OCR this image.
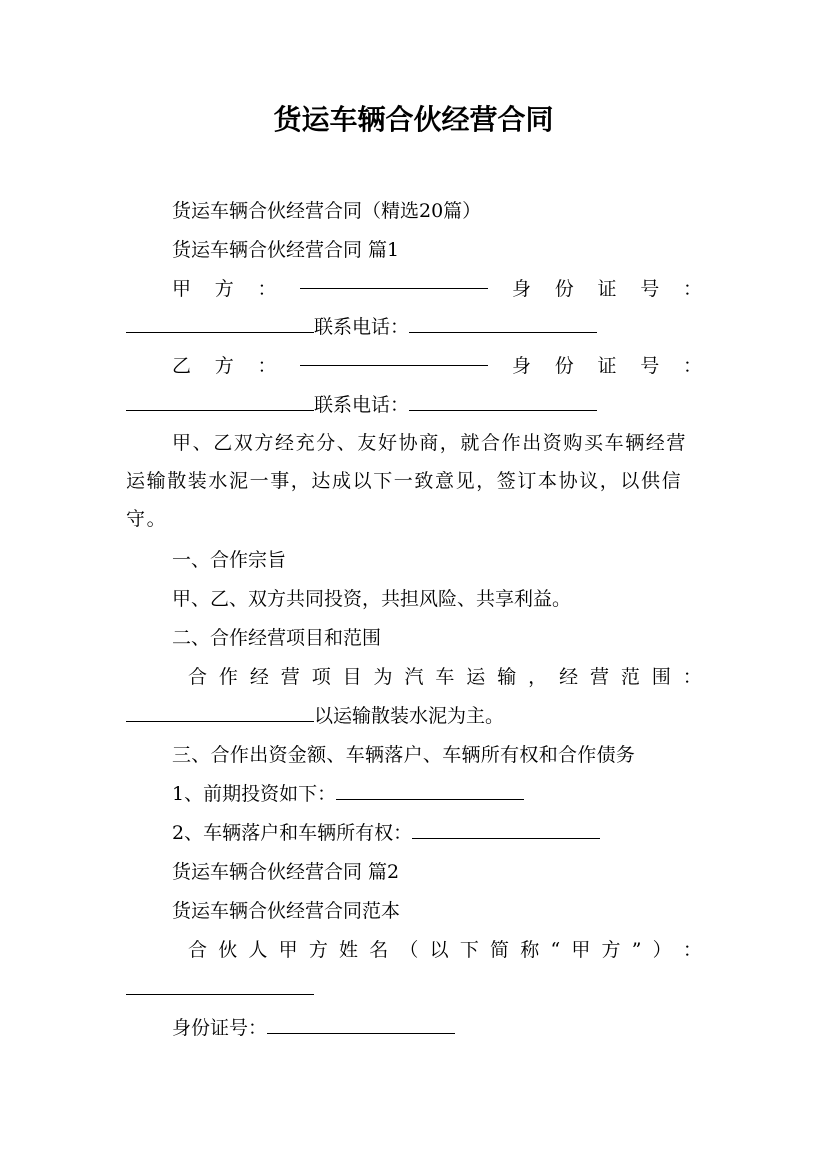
货运车辆合伙经营合同
货运车辆合伙经营合同（精选20篇）
货运车辆合伙经营合同 篇1
甲 方 ：	身 份 证 号 ：
联系电话：
乙 方 ：	身 份 证 号 ：
联系电话：
甲、乙双方经充分、友好协商，就合作出资购买车辆经营运输散装水泥一事，达成以下一致意见，签订本协议，以供信守。
一、合作宗旨
甲、乙、双方共同投资，共担风险、共享利益。
二、合作经营项目和范围
合 作 经 营 项 目 为 汽 车 运 输 ， 经 营 范 围 ：
以运输散装水泥为主。
三、合作出资金额、车辆落户、车辆所有权和合作债务
1、前期投资如下：
2、车辆落户和车辆所有权：
货运车辆合伙经营合同 篇2
货运车辆合伙经营合同范本
合 伙 人 甲 方 姓 名 （ 以 下 简 称 “ 甲 方 ” ） ：
身份证号：
